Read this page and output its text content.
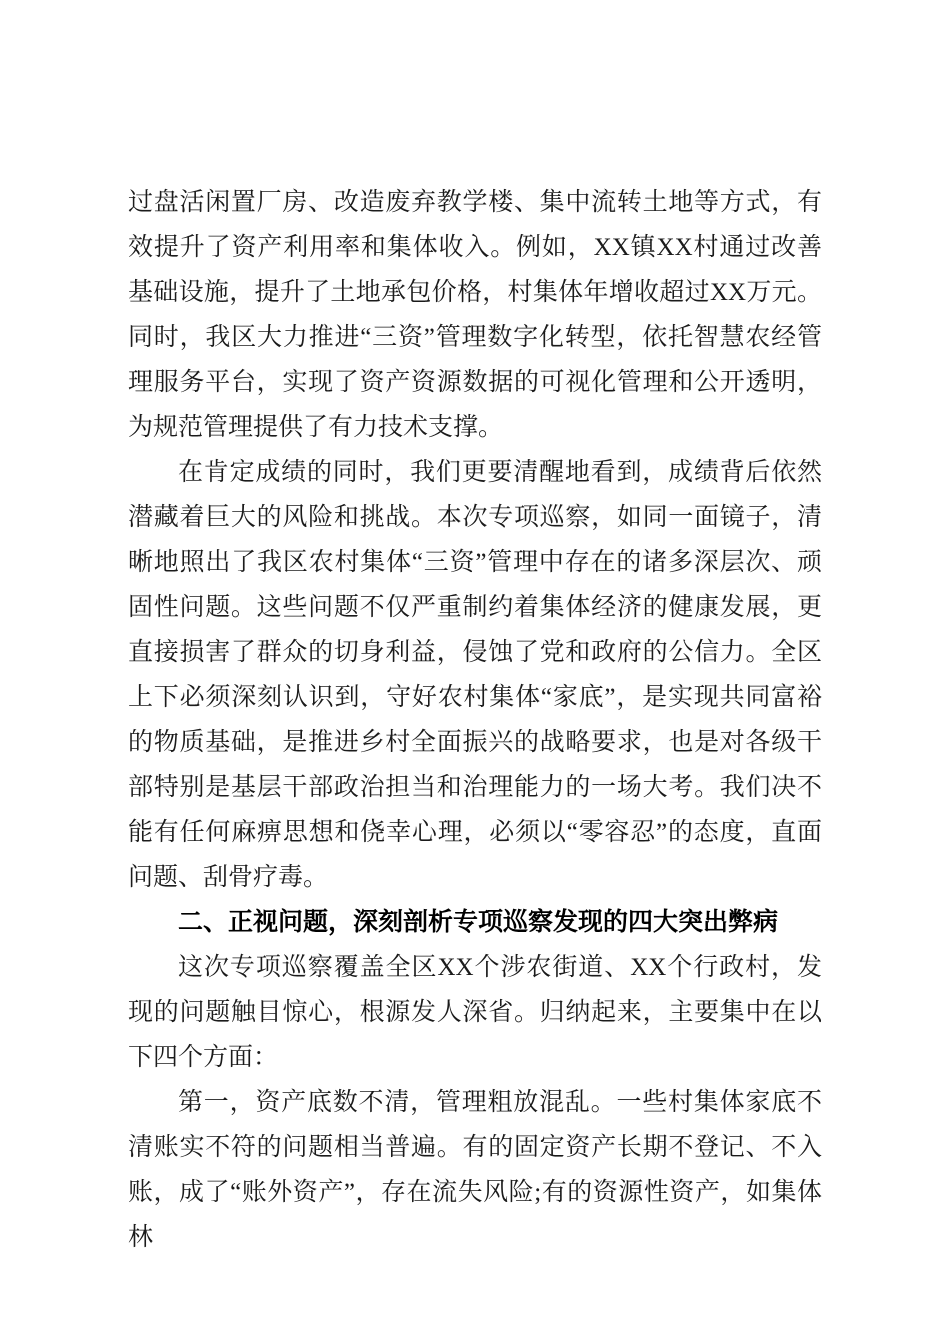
过盘活闲置厂房、改造废弃教学楼、集中流转土地等方式，有效提升了资产利用率和集体收入。例如，XX镇XX村通过改善基础设施，提升了土地承包价格，村集体年增收超过XX万元。同时，我区大力推进“三资”管理数字化转型，依托智慧农经管理服务平台，实现了资产资源数据的可视化管理和公开透明，为规范管理提供了有力技术支撑。

在肯定成绩的同时，我们更要清醒地看到，成绩背后依然潜藏着巨大的风险和挑战。本次专项巡察，如同一面镜子，清晰地照出了我区农村集体“三资”管理中存在的诸多深层次、顽固性问题。这些问题不仅严重制约着集体经济的健康发展，更直接损害了群众的切身利益，侵蚀了党和政府的公信力。全区上下必须深刻认识到，守好农村集体“家底”，是实现共同富裕的物质基础，是推进乡村全面振兴的战略要求，也是对各级干部特别是基层干部政治担当和治理能力的一场大考。我们决不能有任何麻痹思想和侥幸心理，必须以“零容忍”的态度，直面问题、刮骨疗毒。

二、正视问题，深刻剖析专项巡察发现的四大突出弊病

这次专项巡察覆盖全区XX个涉农街道、XX个行政村，发现的问题触目惊心，根源发人深省。归纳起来，主要集中在以下四个方面：

第一，资产底数不清，管理粗放混乱。一些村集体家底不清账实不符的问题相当普遍。有的固定资产长期不登记、不入账，成了“账外资产”，存在流失风险;有的资源性资产，如集体林
